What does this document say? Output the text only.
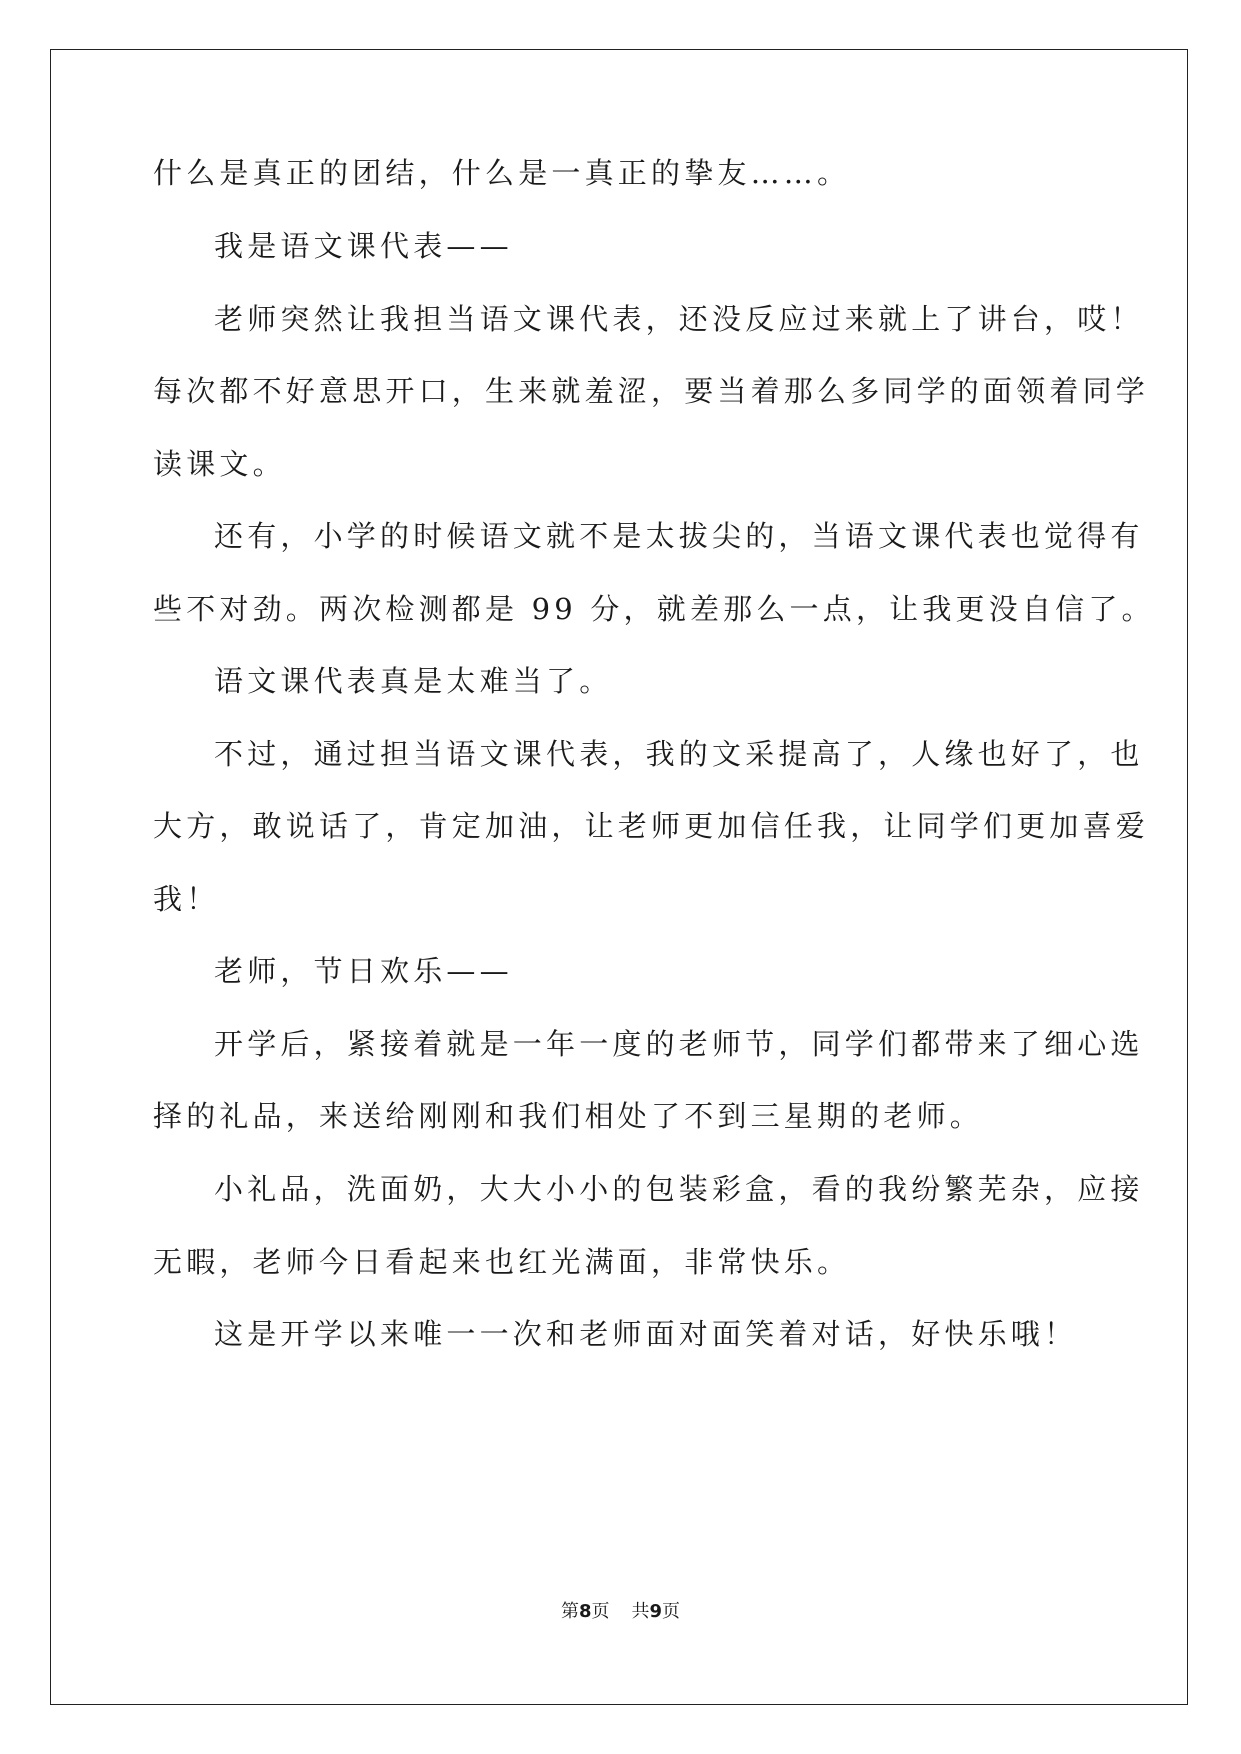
什么是真正的团结，什么是一真正的挚友……。
我是语文课代表——
老师突然让我担当语文课代表，还没反应过来就上了讲台，哎！
每次都不好意思开口，生来就羞涩，要当着那么多同学的面领着同学
读课文。
还有，小学的时候语文就不是太拔尖的，当语文课代表也觉得有
些不对劲。两次检测都是 99 分，就差那么一点，让我更没自信了。
语文课代表真是太难当了。
不过，通过担当语文课代表，我的文采提高了，人缘也好了，也
大方，敢说话了，肯定加油，让老师更加信任我，让同学们更加喜爱
我！
老师，节日欢乐——
开学后，紧接着就是一年一度的老师节，同学们都带来了细心选
择的礼品，来送给刚刚和我们相处了不到三星期的老师。
小礼品，洗面奶，大大小小的包装彩盒，看的我纷繁芜杂，应接
无暇，老师今日看起来也红光满面，非常快乐。
这是开学以来唯一一次和老师面对面笑着对话，好快乐哦！
第8页 共9页
